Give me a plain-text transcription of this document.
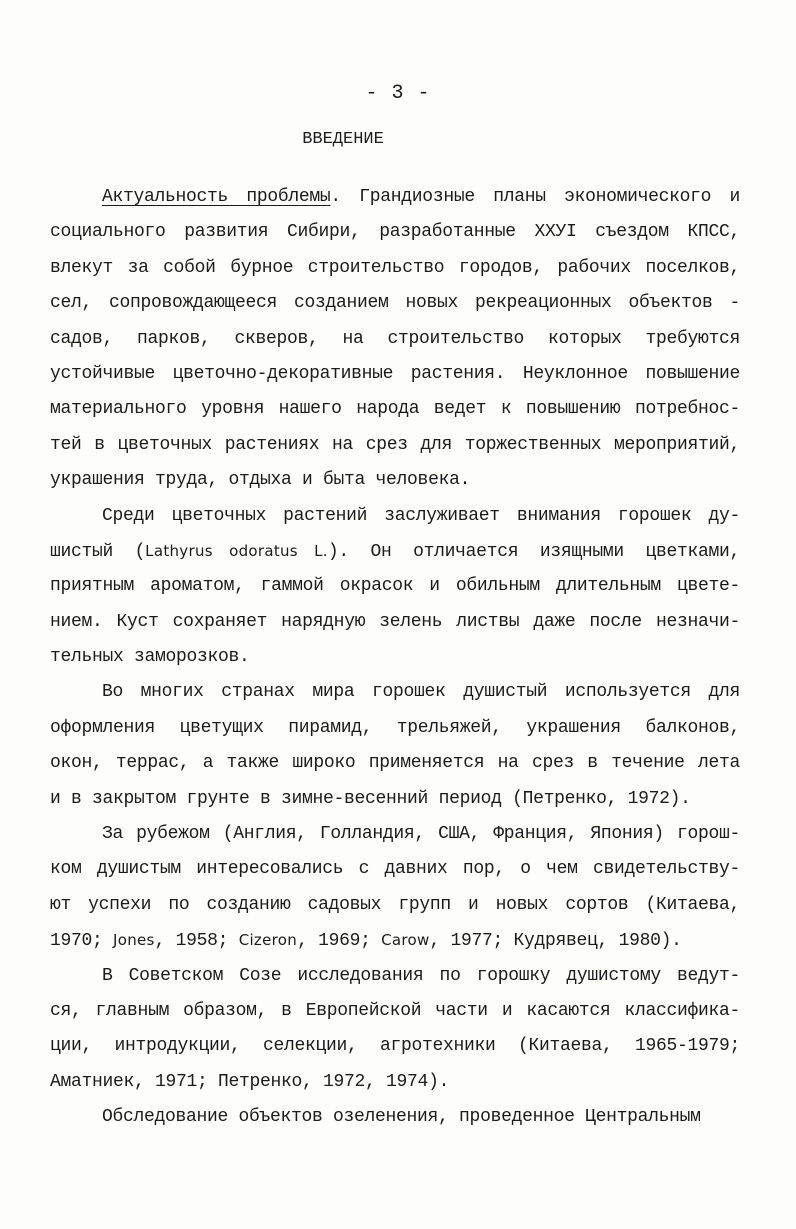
- 3 -
ВВЕДЕНИЕ
Актуальность проблемы. Грандиозные планы экономического и
социального развития Сибири, разработанные XXУI съездом КПСС,
влекут за собой бурное строительство городов, рабочих поселков,
сел, сопровождающееся созданием новых рекреационных объектов -
садов, парков, скверов, на строительство которых требуются
устойчивые цветочно-декоративные растения. Неуклонное повышение
материального уровня нашего народа ведет к повышению потребнос-
тей в цветочных растениях на срез для торжественных мероприятий,
украшения труда, отдыха и быта человека.
Среди цветочных растений заслуживает внимания горошек ду-
шистый (Lathyrus odoratus L.). Он отличается изящными цветками,
приятным ароматом, гаммой окрасок и обильным длительным цвете-
нием. Куст сохраняет нарядную зелень листвы даже после незначи-
тельных заморозков.
Во многих странах мира горошек душистый используется для
оформления цветущих пирамид, трельяжей, украшения балконов,
окон, террас, а также широко применяется на срез в течение лета
и в закрытом грунте в зимне-весенний период (Петренко, 1972).
За рубежом (Англия, Голландия, США, Франция, Япония) горош-
ком душистым интересовались с давних пор, о чем свидетельству-
ют успехи по созданию садовых групп и новых сортов (Китаева,
1970; Jones, 1958; Cizeron, 1969; Carow, 1977; Кудрявец, 1980).
В Советском Созе исследования по горошку душистому ведут-
ся, главным образом, в Европейской части и касаются классифика-
ции, интродукции, селекции, агротехники (Китаева, 1965-1979;
Аматниек, 1971; Петренко, 1972, 1974).
Обследование объектов озеленения, проведенное Центральным
